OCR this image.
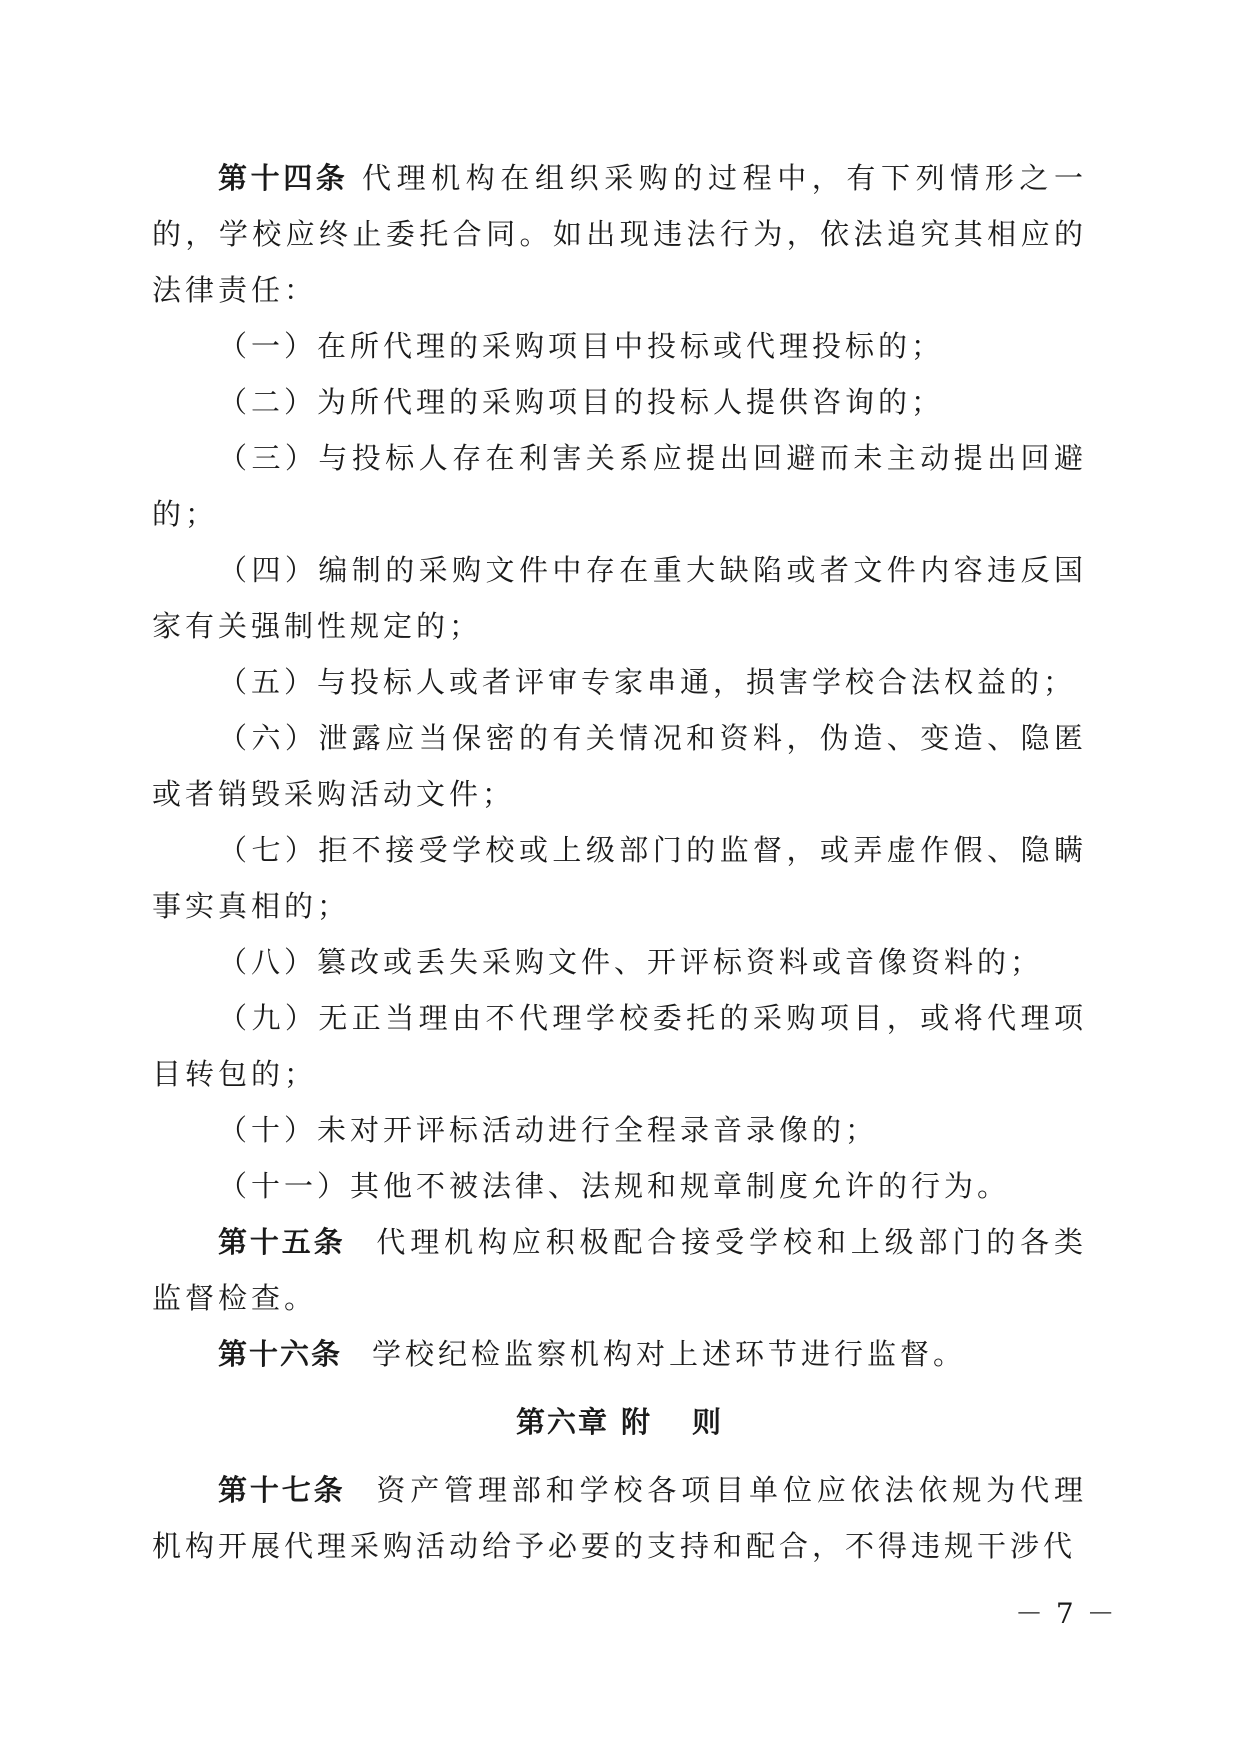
第十四条 代理机构在组织采购的过程中，有下列情形之一的，学校应终止委托合同。如出现违法行为，依法追究其相应的法律责任：

（一）在所代理的采购项目中投标或代理投标的；

（二）为所代理的采购项目的投标人提供咨询的；

（三）与投标人存在利害关系应提出回避而未主动提出回避的；

（四）编制的采购文件中存在重大缺陷或者文件内容违反国家有关强制性规定的；

（五）与投标人或者评审专家串通，损害学校合法权益的；

（六）泄露应当保密的有关情况和资料，伪造、变造、隐匿或者销毁采购活动文件；

（七）拒不接受学校或上级部门的监督，或弄虚作假、隐瞒事实真相的；

（八）篡改或丢失采购文件、开评标资料或音像资料的；

（九）无正当理由不代理学校委托的采购项目，或将代理项目转包的；

（十）未对开评标活动进行全程录音录像的；

（十一）其他不被法律、法规和规章制度允许的行为。

第十五条 代理机构应积极配合接受学校和上级部门的各类监督检查。

第十六条 学校纪检监察机构对上述环节进行监督。

第六章 附 则

第十七条 资产管理部和学校各项目单位应依法依规为代理机构开展代理采购活动给予必要的支持和配合，不得违规干涉代

－ 7 －
